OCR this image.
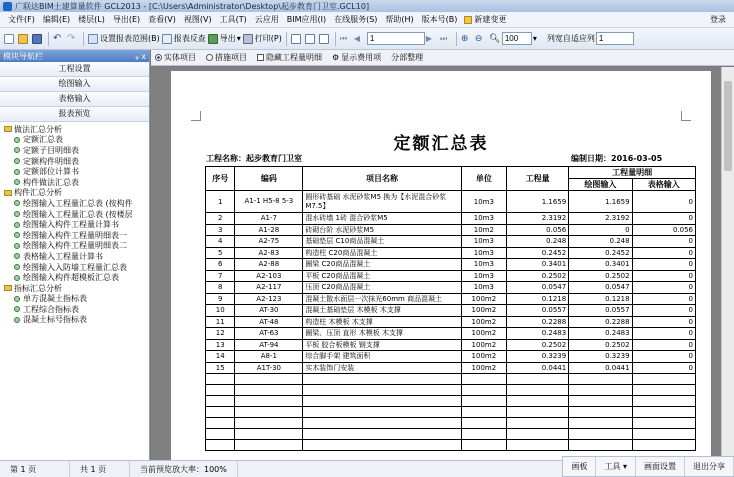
广联达BIM土建算量软件 GCL2013 - [C:\Users\Administrator\Desktop\起步教育门卫室.GCL10]
文件(F)	编辑(E)	楼层(L)	导出(E)	查看(V)	视图(V)	工具(T)	云应用	BIM应用(I)	在线服务(S)	帮助(H)	版本号(B)	新建变更	登录
↶ ↷	设置报表范围(B) 报表反查 导出 ▾ 打印(P)	⏮ ◀
1	▶ ⏭ ⊕ ⊖ 🔍︎
100	▾ 列宽自适应列
1
模块导航栏	ᵩ x
工程设置
绘图输入
表格输入
报表预览
做法汇总分析
定额汇总表
定额子目明细表
定额构件明细表
定额部位计算书
构件做法汇总表
构件汇总分析
绘图输入工程量汇总表 (按构件
绘图输入工程量汇总表 (按楼层
绘图输入构件工程量计算书
绘图输入构件工程量明细表一
绘图输入构件工程量明细表二
表格输入工程量计算书
绘图输入入防墙工程量汇总表
绘图输入构件超模板汇总表
指标汇总分析
单方混凝土指标表
工程综合指标表
混凝土标号指标表
实体项目 措施项目 隐藏工程量明细 ⚙ 显示费用项 分部整理
定额汇总表
工程名称：起步教育门卫室	编制日期：2016-03-05
序号	编码	项目名称	单位	工程量	工程量明细	
					绘图输入	表格输入
1	A1-1 H5-8 5-3	圆形砖基础 水泥砂浆M5 换为【水泥混合砂浆 M7.5】	10m3	1.1659	1.1659	0
2	A1-7	混水砖墙 1砖 混合砂浆M5	10m3	2.3192	2.3192	0
3	A1-28	砖砌台阶 水泥砂浆M5	10m2	0.056	0	0.056
4	A2-75	基础垫层 C10商品混凝土	10m3	0.248	0.248	0
5	A2-83	构造柱 C20商品混凝土	10m3	0.2452	0.2452	0
6	A2-88	圈梁 C20商品混凝土	10m3	0.3401	0.3401	0
7	A2-103	平板 C20商品混凝土	10m3	0.2502	0.2502	0
8	A2-117	压顶 C20商品混凝土	10m3	0.0547	0.0547	0
9	A2-123	混凝土散水面层一次抹光60mm 商品混凝土	100m2	0.1218	0.1218	0
10	AT-30	混凝土基础垫层 木模板 木支撑	100m2	0.0557	0.0557	0
11	AT-48	构造柱 木模板 木支撑	100m2	0.2288	0.2288	0
12	AT-63	圈梁、压顶 直形 木模板 木支撑	100m2	0.2483	0.2483	0
13	AT-94	平板 胶合板模板 钢支撑	100m2	0.2502	0.2502	0
14	A8-1	综合脚手架 建筑面积	100m2	0.3239	0.3239	0
15	A1T-30	实木装饰门安装	100m2	0.0441	0.0441	0

第 1 页	共 1 页	当前预览放大率：100%	画板	工具 ▾	画面设置	退出分享
